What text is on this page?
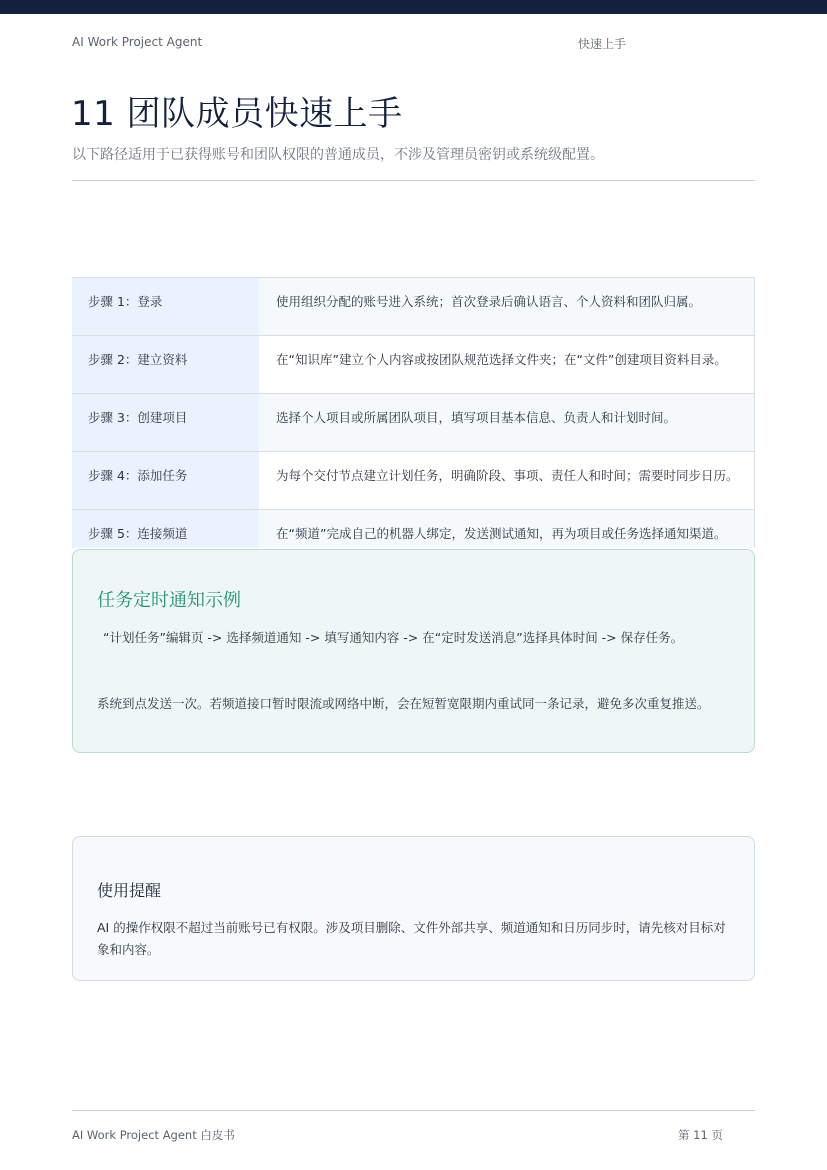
AI Work Project Agent	快速上手
11 团队成员快速上手

以下路径适用于已获得账号和团队权限的普通成员，不涉及管理员密钥或系统级配置。

步骤 1：登录	使用组织分配的账号进入系统；首次登录后确认语言、个人资料和团队归属。
步骤 2：建立资料	在“知识库”建立个人内容或按团队规范选择文件夹；在“文件”创建项目资料目录。
步骤 3：创建项目	选择个人项目或所属团队项目，填写项目基本信息、负责人和计划时间。
步骤 4：添加任务	为每个交付节点建立计划任务，明确阶段、事项、责任人和时间；需要时同步日历。
步骤 5：连接频道	在“频道”完成自己的机器人绑定，发送测试通知，再为项目或任务选择通知渠道。
任务定时通知示例
“计划任务”编辑页 -> 选择频道通知 -> 填写通知内容 -> 在“定时发送消息”选择具体时间 -> 保存任务。
系统到点发送一次。若频道接口暂时限流或网络中断，会在短暂宽限期内重试同一条记录，避免多次重复推送。
使用提醒
AI 的操作权限不超过当前账号已有权限。涉及项目删除、文件外部共享、频道通知和日历同步时，请先核对目标对象和内容。
AI Work Project Agent 白皮书	第 11 页
